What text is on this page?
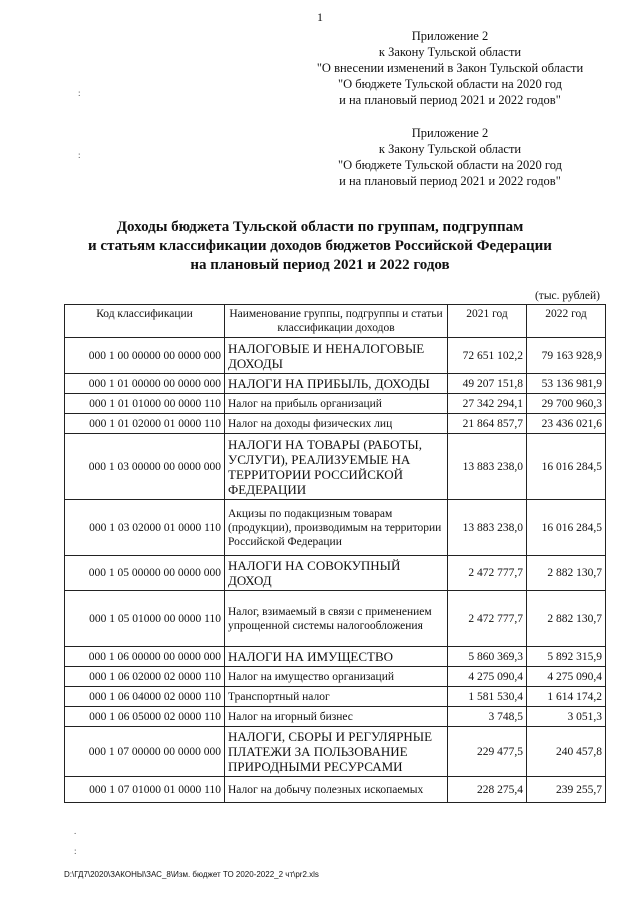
1
Приложение 2
к Закону Тульской области
"О внесении изменений в Закон Тульской области
"О бюджете Тульской области на 2020 год
и на плановый период 2021 и 2022 годов"
Приложение 2
к Закону Тульской области
"О бюджете Тульской области на 2020 год
и на плановый период 2021 и 2022 годов"
Доходы бюджета Тульской области по группам, подгруппам
и статьям классификации доходов бюджетов Российской Федерации
на плановый период 2021 и 2022 годов
(тыс. рублей)
Код классификации	Наименование группы, подгруппы и статьи классификации доходов	2021 год	2022 год
000 1 00 00000 00 0000 000	НАЛОГОВЫЕ И НЕНАЛОГОВЫЕ ДОХОДЫ	72 651 102,2	79 163 928,9
000 1 01 00000 00 0000 000	НАЛОГИ НА ПРИБЫЛЬ, ДОХОДЫ	49 207 151,8	53 136 981,9
000 1 01 01000 00 0000 110	Налог на прибыль организаций	27 342 294,1	29 700 960,3
000 1 01 02000 01 0000 110	Налог на доходы физических лиц	21 864 857,7	23 436 021,6
000 1 03 00000 00 0000 000	НАЛОГИ НА ТОВАРЫ (РАБОТЫ, УСЛУГИ), РЕАЛИЗУЕМЫЕ НА ТЕРРИТОРИИ РОССИЙСКОЙ ФЕДЕРАЦИИ	13 883 238,0	16 016 284,5
000 1 03 02000 01 0000 110	Акцизы по подакцизным товарам (продукции), производимым на территории Российской Федерации	13 883 238,0	16 016 284,5
000 1 05 00000 00 0000 000	НАЛОГИ НА СОВОКУПНЫЙ ДОХОД	2 472 777,7	2 882 130,7
000 1 05 01000 00 0000 110	Налог, взимаемый в связи с применением упрощенной системы налогообложения	2 472 777,7	2 882 130,7
000 1 06 00000 00 0000 000	НАЛОГИ НА ИМУЩЕСТВО	5 860 369,3	5 892 315,9
000 1 06 02000 02 0000 110	Налог на имущество организаций	4 275 090,4	4 275 090,4
000 1 06 04000 02 0000 110	Транспортный налог	1 581 530,4	1 614 174,2
000 1 06 05000 02 0000 110	Налог на игорный бизнес	3 748,5	3 051,3
000 1 07 00000 00 0000 000	НАЛОГИ, СБОРЫ И РЕГУЛЯРНЫЕ ПЛАТЕЖИ ЗА ПОЛЬЗОВАНИЕ ПРИРОДНЫМИ РЕСУРСАМИ	229 477,5	240 457,8
000 1 07 01000 01 0000 110	Налог на добычу полезных ископаемых	228 275,4	239 255,7
D:\ГД7\2020\ЗАКОНЫ\ЗАС_8\Изм. бюджет ТО 2020-2022_2 чт\pr2.xls
:
:
.
:
